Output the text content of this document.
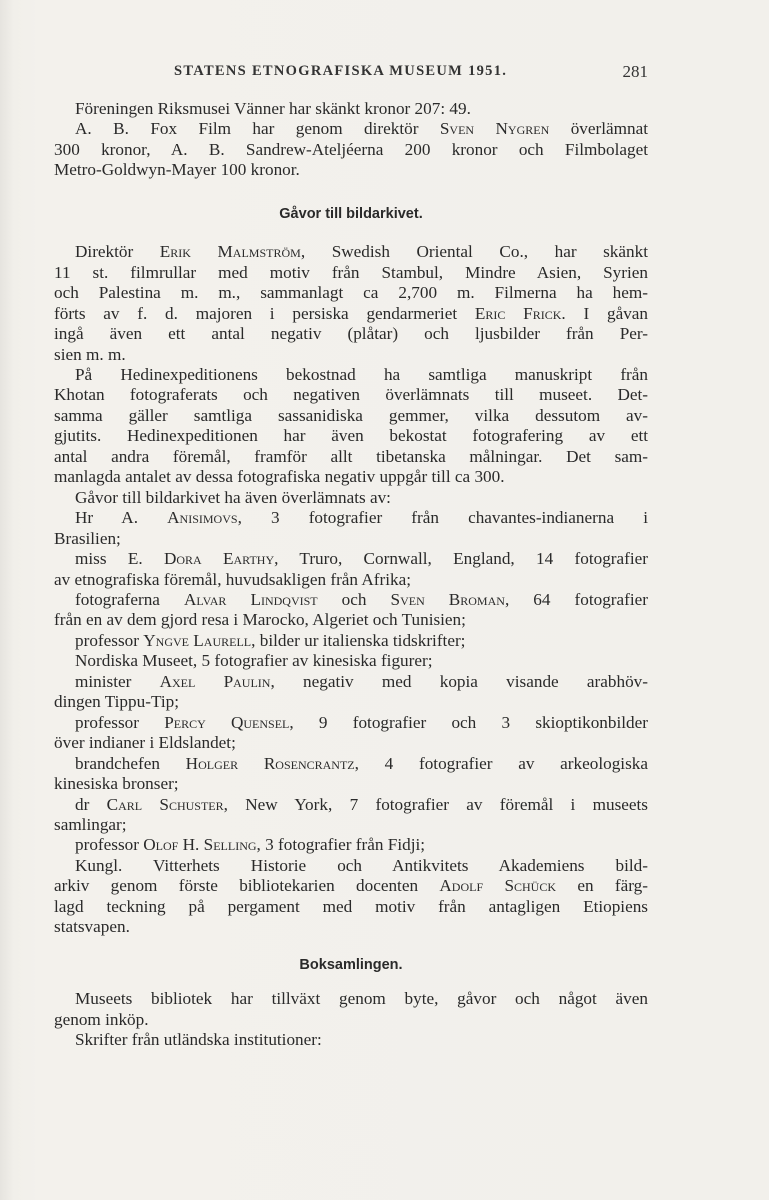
STATENS ETNOGRAFISKA MUSEUM 1951.	281
Föreningen Riksmusei Vänner har skänkt kronor 207: 49.
A. B. Fox Film har genom direktör Sven Nygren överlämnat
300 kronor, A. B. Sandrew-Ateljéerna 200 kronor och Filmbolaget
Metro-Goldwyn-Mayer 100 kronor.
Gåvor till bildarkivet.
Direktör Erik Malmström, Swedish Oriental Co., har skänkt
11 st. filmrullar med motiv från Stambul, Mindre Asien, Syrien
och Palestina m. m., sammanlagt ca 2,700 m. Filmerna ha hem-
förts av f. d. majoren i persiska gendarmeriet Eric Frick. I gåvan
ingå även ett antal negativ (plåtar) och ljusbilder från Per-
sien m. m.
På Hedinexpeditionens bekostnad ha samtliga manuskript från
Khotan fotograferats och negativen överlämnats till museet. Det-
samma gäller samtliga sassanidiska gemmer, vilka dessutom av-
gjutits. Hedinexpeditionen har även bekostat fotografering av ett
antal andra föremål, framför allt tibetanska målningar. Det sam-
manlagda antalet av dessa fotografiska negativ uppgår till ca 300.
Gåvor till bildarkivet ha även överlämnats av:
Hr A. Anisimovs, 3 fotografier från chavantes-indianerna i
Brasilien;
miss E. Dora Earthy, Truro, Cornwall, England, 14 fotografier
av etnografiska föremål, huvudsakligen från Afrika;
fotograferna Alvar Lindqvist och Sven Broman, 64 fotografier
från en av dem gjord resa i Marocko, Algeriet och Tunisien;
professor Yngve Laurell, bilder ur italienska tidskrifter;
Nordiska Museet, 5 fotografier av kinesiska figurer;
minister Axel Paulin, negativ med kopia visande arabhöv-
dingen Tippu-Tip;
professor Percy Quensel, 9 fotografier och 3 skioptikonbilder
över indianer i Eldslandet;
brandchefen Holger Rosencrantz, 4 fotografier av arkeologiska
kinesiska bronser;
dr Carl Schuster, New York, 7 fotografier av föremål i museets
samlingar;
professor Olof H. Selling, 3 fotografier från Fidji;
Kungl. Vitterhets Historie och Antikvitets Akademiens bild-
arkiv genom förste bibliotekarien docenten Adolf Schück en färg-
lagd teckning på pergament med motiv från antagligen Etiopiens
statsvapen.
Boksamlingen.
Museets bibliotek har tillväxt genom byte, gåvor och något även
genom inköp.
Skrifter från utländska institutioner:
